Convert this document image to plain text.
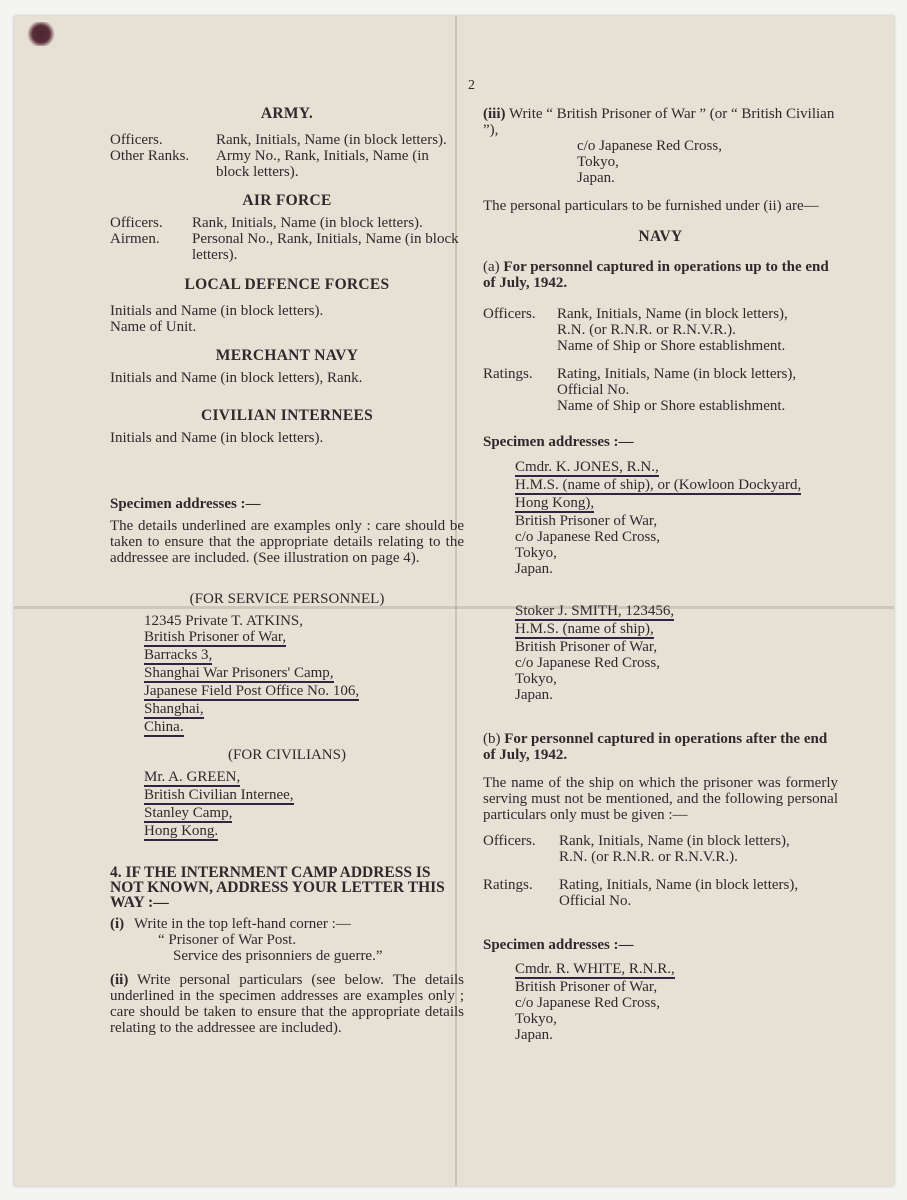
2

ARMY.

Officers.	Rank, Initials, Name (in block letters).
Other Ranks.	Army No., Rank, Initials, Name (in block letters).

AIR FORCE

Officers.	Rank, Initials, Name (in block letters).
Airmen.	Personal No., Rank, Initials, Name (in block letters).

LOCAL DEFENCE FORCES

Initials and Name (in block letters).

Name of Unit.

MERCHANT NAVY

Initials and Name (in block letters), Rank.

CIVILIAN INTERNEES

Initials and Name (in block letters).

Specimen addresses :—

The details underlined are examples only : care should be taken to ensure that the appropriate details relating to the addressee are included. (See illustration on page 4).

(FOR SERVICE PERSONNEL)

12345 Private T. ATKINS,
British Prisoner of War,
Barracks 3,
Shanghai War Prisoners' Camp,
Japanese Field Post Office No. 106,
Shanghai,
China.

(FOR CIVILIANS)

Mr. A. GREEN,
British Civilian Internee,
Stanley Camp,
Hong Kong.

4. IF THE INTERNMENT CAMP ADDRESS IS NOT KNOWN, ADDRESS YOUR LETTER THIS WAY :—

(i) Write in the top left-hand corner :—

“ Prisoner of War Post.

Service des prisonniers de guerre.”

(ii) Write personal particulars (see below. The details underlined in the specimen addresses are examples only ; care should be taken to ensure that the appropriate details relating to the addressee are included).

(iii) Write “ British Prisoner of War ” (or “ British Civilian ”),

c/o Japanese Red Cross,
Tokyo,
Japan.

The personal particulars to be furnished under (ii) are—

NAVY

(a) For personnel captured in operations up to the end of July, 1942.

Officers.	Rank, Initials, Name (in block letters),
R.N. (or R.N.R. or R.N.V.R.).
Name of Ship or Shore establishment.
Ratings.	Rating, Initials, Name (in block letters),
Official No.
Name of Ship or Shore establishment.

Specimen addresses :—

Cmdr. K. JONES, R.N.,
H.M.S. (name of ship), or (Kowloon Dockyard,
Hong Kong),
British Prisoner of War,
c/o Japanese Red Cross,
Tokyo,
Japan.
Stoker J. SMITH, 123456,
H.M.S. (name of ship),
British Prisoner of War,
c/o Japanese Red Cross,
Tokyo,
Japan.

(b) For personnel captured in operations after the end of July, 1942.

The name of the ship on which the prisoner was formerly serving must not be mentioned, and the following personal particulars only must be given :—

Officers.	Rank, Initials, Name (in block letters),
R.N. (or R.N.R. or R.N.V.R.).
Ratings.	Rating, Initials, Name (in block letters),
Official No.

Specimen addresses :—

Cmdr. R. WHITE, R.N.R.,
British Prisoner of War,
c/o Japanese Red Cross,
Tokyo,
Japan.
